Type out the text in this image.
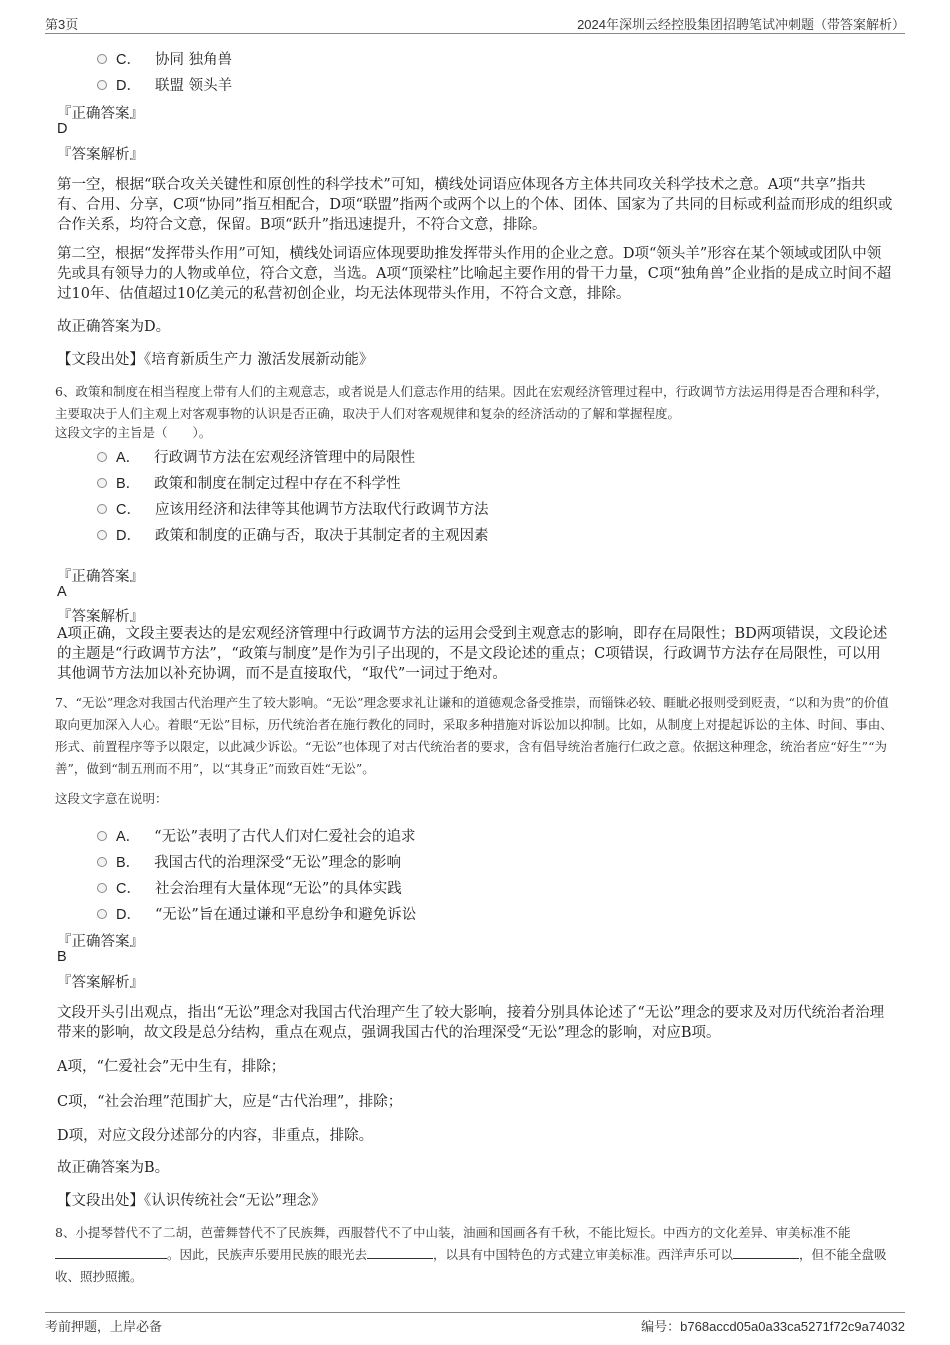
第3页	2024年深圳云经控股集团招聘笔试冲刺题（带答案解析）
C． 协同 独角兽
D． 联盟 领头羊
『正确答案』
D
『答案解析』
第一空，根据“联合攻关关键性和原创性的科学技术”可知，横线处词语应体现各方主体共同攻关科学技术之意。A项“共享”指共有、合用、分享，C项“协同”指互相配合，D项“联盟”指两个或两个以上的个体、团体、国家为了共同的目标或利益而形成的组织或合作关系，均符合文意，保留。B项“跃升”指迅速提升，不符合文意，排除。
第二空，根据“发挥带头作用”可知，横线处词语应体现要助推发挥带头作用的企业之意。D项“领头羊”形容在某个领域或团队中领先或具有领导力的人物或单位，符合文意，当选。A项“顶梁柱”比喻起主要作用的骨干力量，C项“独角兽”企业指的是成立时间不超过10年、估值超过10亿美元的私营初创企业，均无法体现带头作用，不符合文意，排除。
故正确答案为D。
【文段出处】《培育新质生产力 激活发展新动能》
6、政策和制度在相当程度上带有人们的主观意志，或者说是人们意志作用的结果。因此在宏观经济管理过程中，行政调节方法运用得是否合理和科学，主要取决于人们主观上对客观事物的认识是否正确，取决于人们对客观规律和复杂的经济活动的了解和掌握程度。
这段文字的主旨是（　　）。
A． 行政调节方法在宏观经济管理中的局限性
B． 政策和制度在制定过程中存在不科学性
C． 应该用经济和法律等其他调节方法取代行政调节方法
D． 政策和制度的正确与否，取决于其制定者的主观因素
『正确答案』
A
『答案解析』
A项正确，文段主要表达的是宏观经济管理中行政调节方法的运用会受到主观意志的影响，即存在局限性；BD两项错误，文段论述的主题是“行政调节方法”，“政策与制度”是作为引子出现的，不是文段论述的重点；C项错误，行政调节方法存在局限性，可以用其他调节方法加以补充协调，而不是直接取代，“取代”一词过于绝对。
7、“无讼”理念对我国古代治理产生了较大影响。“无讼”理念要求礼让谦和的道德观念备受推崇，而锱铢必较、睚眦必报则受到贬责，“以和为贵”的价值取向更加深入人心。着眼“无讼”目标，历代统治者在施行教化的同时，采取多种措施对诉讼加以抑制。比如，从制度上对提起诉讼的主体、时间、事由、形式、前置程序等予以限定，以此减少诉讼。“无讼”也体现了对古代统治者的要求，含有倡导统治者施行仁政之意。依据这种理念，统治者应“好生”“为善”，做到“制五刑而不用”，以“其身正”而致百姓“无讼”。
这段文字意在说明：
A． “无讼”表明了古代人们对仁爱社会的追求
B． 我国古代的治理深受“无讼”理念的影响
C． 社会治理有大量体现“无讼”的具体实践
D． “无讼”旨在通过谦和平息纷争和避免诉讼
『正确答案』
B
『答案解析』
文段开头引出观点，指出“无讼”理念对我国古代治理产生了较大影响，接着分别具体论述了“无讼”理念的要求及对历代统治者治理带来的影响，故文段是总分结构，重点在观点，强调我国古代的治理深受“无讼”理念的影响，对应B项。
A项，“仁爱社会”无中生有，排除；
C项，“社会治理”范围扩大，应是“古代治理”，排除；
D项，对应文段分述部分的内容，非重点，排除。
故正确答案为B。
【文段出处】《认识传统社会“无讼”理念》
8、小提琴替代不了二胡，芭蕾舞替代不了民族舞，西服替代不了中山装，油画和国画各有千秋，不能比短长。中西方的文化差异、审美标准不能。因此，民族声乐要用民族的眼光去	，以具有中国特色的方式建立审美标准。西洋声乐可以	，但不能全盘吸收、照抄照搬。
考前押题，上岸必备	编号：b768accd05a0a33ca5271f72c9a74032
